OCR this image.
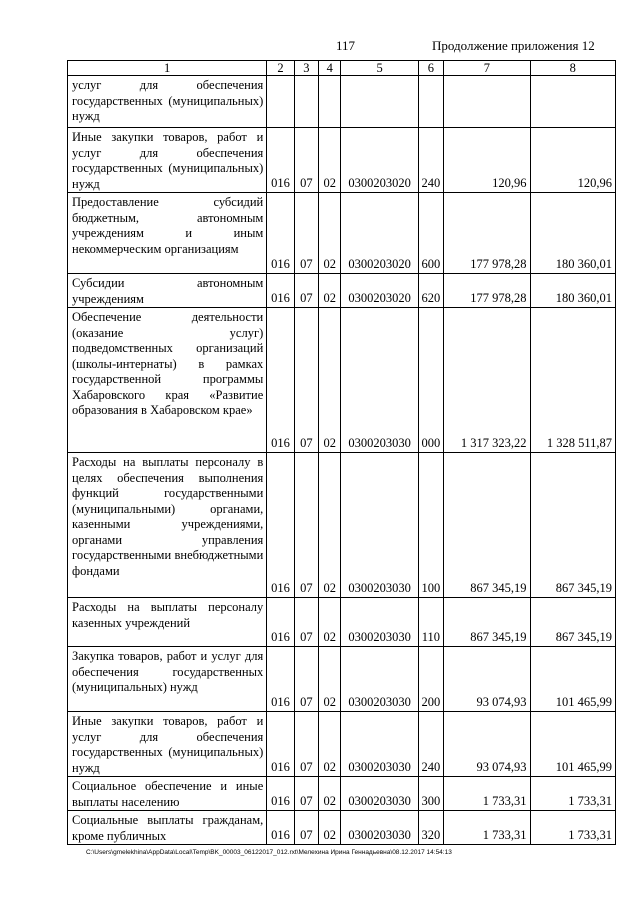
117	Продолжение приложения 12
1	2	3	4	5	6	7	8
услуг для обеспечения государственных (муниципальных) нужд							
Иные закупки товаров, работ и услуг для обеспечения государственных (муниципальных) нужд	016	07	02	0300203020	240	120,96	120,96
Предоставление субсидий бюджетным, автономным учреждениям и иным некоммерческим организациям	016	07	02	0300203020	600	177 978,28	180 360,01
Субсидии автономным учреждениям	016	07	02	0300203020	620	177 978,28	180 360,01
Обеспечение деятельности (оказание услуг) подведомственных организаций (школы-интернаты) в рамках государственной программы Хабаровского края «Развитие образования в Хабаровском крае»	016	07	02	0300203030	000	1 317 323,22	1 328 511,87
Расходы на выплаты персоналу в целях обеспечения выполнения функций государственными (муниципальными) органами, казенными учреждениями, органами управления государственными внебюджетными фондами	016	07	02	0300203030	100	867 345,19	867 345,19
Расходы на выплаты персоналу казенных учреждений	016	07	02	0300203030	110	867 345,19	867 345,19
Закупка товаров, работ и услуг для обеспечения государственных (муниципальных) нужд	016	07	02	0300203030	200	93 074,93	101 465,99
Иные закупки товаров, работ и услуг для обеспечения государственных (муниципальных) нужд	016	07	02	0300203030	240	93 074,93	101 465,99
Социальное обеспечение и иные выплаты населению	016	07	02	0300203030	300	1 733,31	1 733,31
Социальные выплаты гражданам, кроме публичных	016	07	02	0300203030	320	1 733,31	1 733,31
C:\Users\gmelekhina\AppData\Local\Temp\BK_00003_06122017_012.rxt\Мелехина Ирина Геннадьевна\08.12.2017 14:54:13
